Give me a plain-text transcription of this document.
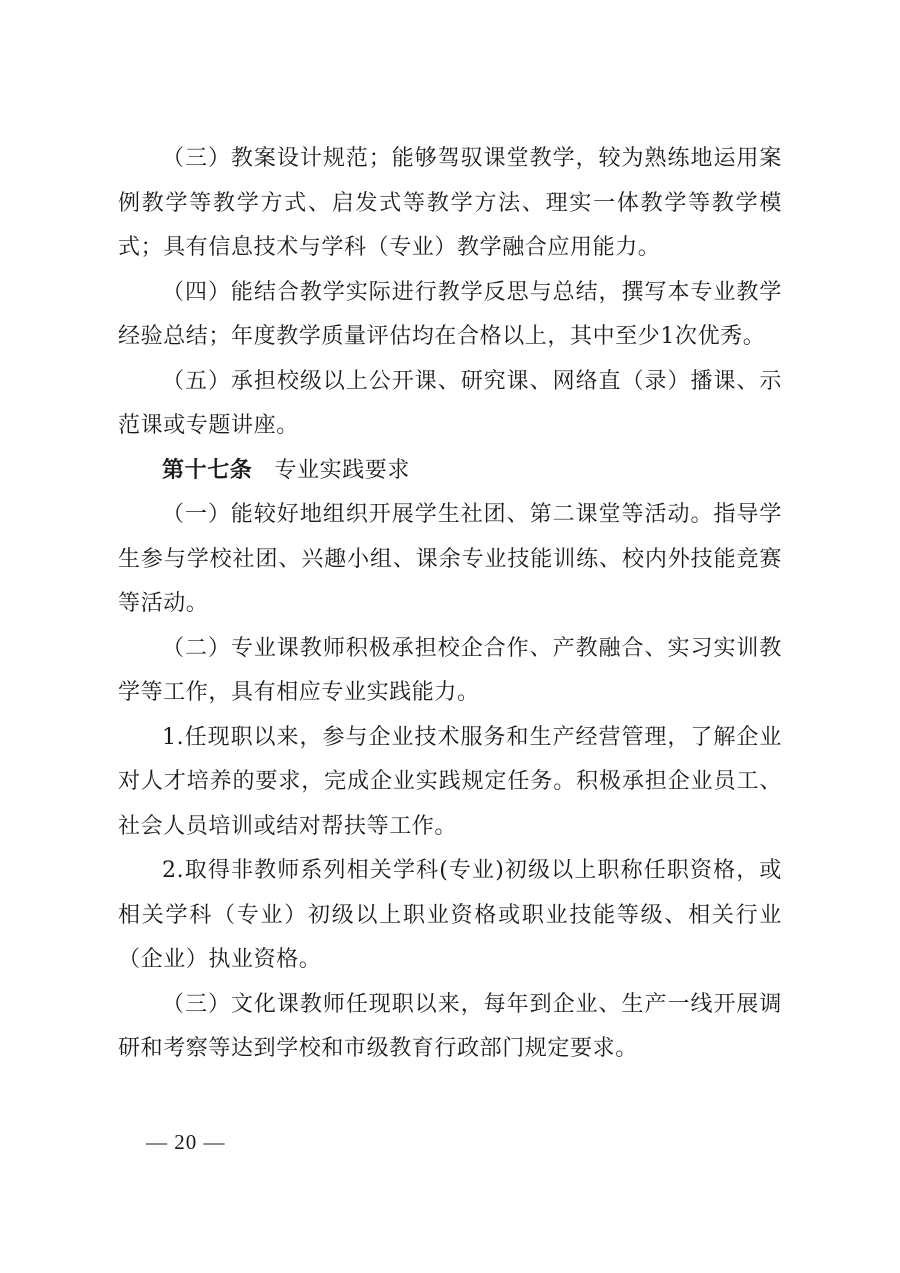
（三）教案设计规范；能够驾驭课堂教学，较为熟练地运用案例教学等教学方式、启发式等教学方法、理实一体教学等教学模式；具有信息技术与学科（专业）教学融合应用能力。

（四）能结合教学实际进行教学反思与总结，撰写本专业教学经验总结；年度教学质量评估均在合格以上，其中至少1次优秀。

（五）承担校级以上公开课、研究课、网络直（录）播课、示范课或专题讲座。

第十七条 专业实践要求

（一）能较好地组织开展学生社团、第二课堂等活动。指导学生参与学校社团、兴趣小组、课余专业技能训练、校内外技能竞赛等活动。

（二）专业课教师积极承担校企合作、产教融合、实习实训教学等工作，具有相应专业实践能力。

1.任现职以来，参与企业技术服务和生产经营管理，了解企业对人才培养的要求，完成企业实践规定任务。积极承担企业员工、社会人员培训或结对帮扶等工作。

2.取得非教师系列相关学科(专业)初级以上职称任职资格，或相关学科（专业）初级以上职业资格或职业技能等级、相关行业（企业）执业资格。

（三）文化课教师任现职以来，每年到企业、生产一线开展调研和考察等达到学校和市级教育行政部门规定要求。

— 20 —
